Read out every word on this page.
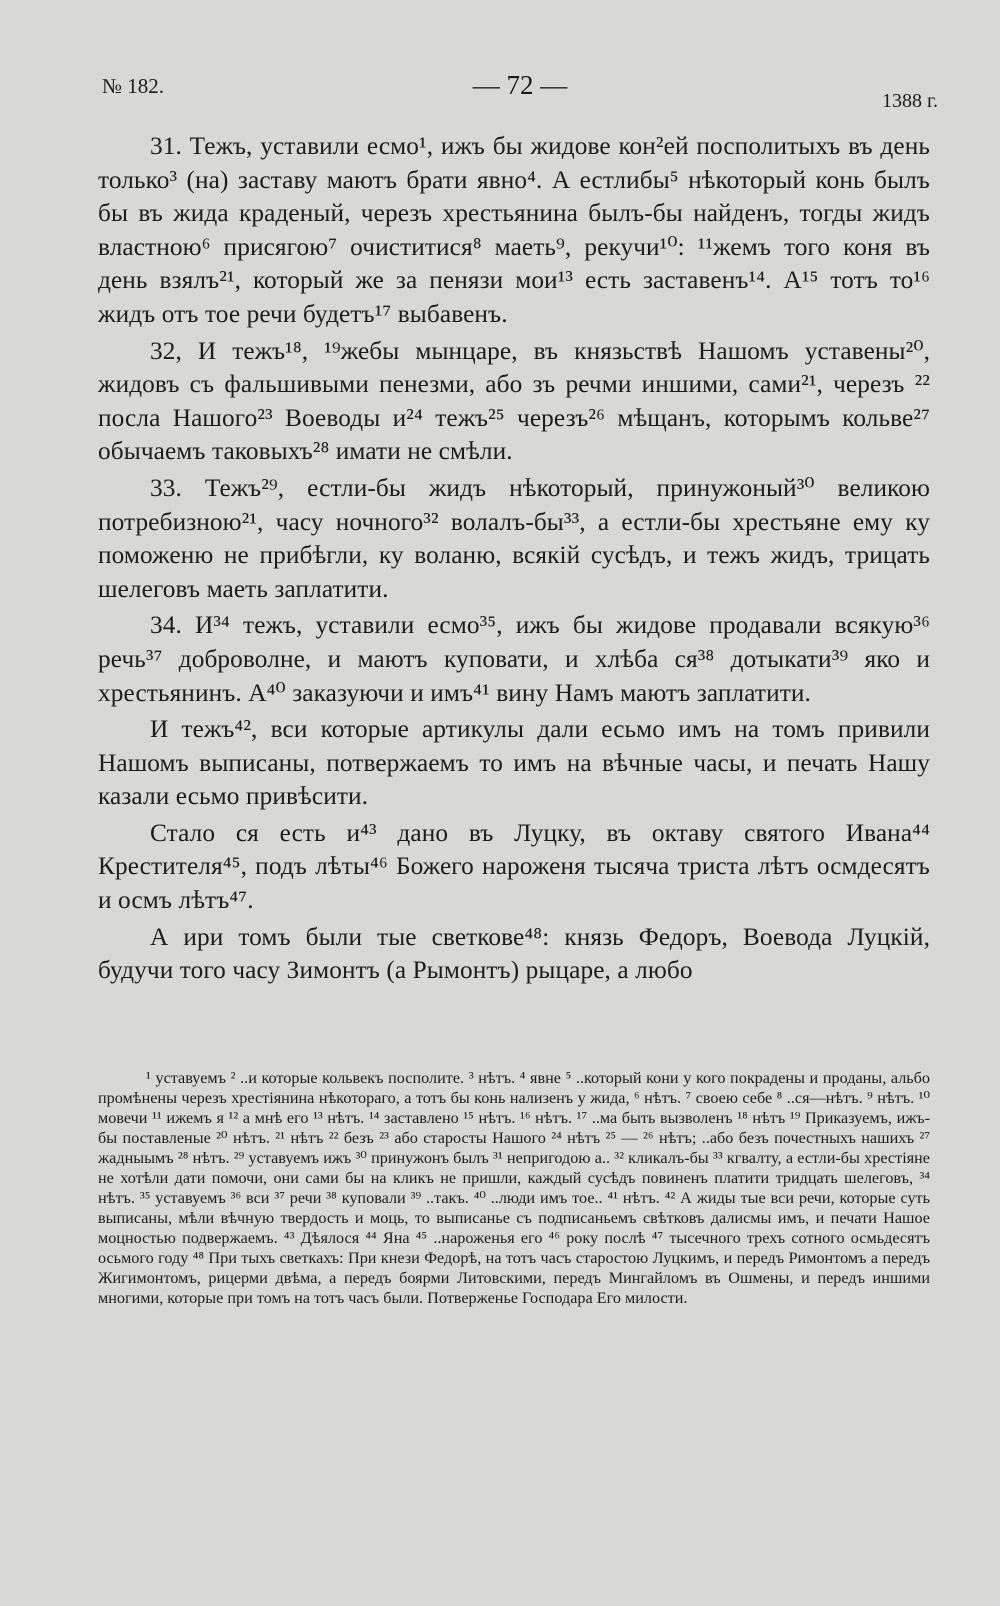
№ 182.	— 72 —
1388 г.

31. Тежъ, уставили есмо¹, ижъ бы жидове кон²ей посполитыхъ въ день только³ (на) заставу маютъ брати явно⁴. А естлибы⁵ нѣкоторый конь былъ бы въ жида краденый, черезъ хрестьянина былъ-бы найденъ, тогды жидъ властною⁶ присягою⁷ очиститися⁸ маеть⁹, рекучи¹⁰: ¹¹жемъ того коня въ день взялъ²¹, который же за пенязи мои¹³ есть заставенъ¹⁴. А¹⁵ тотъ то¹⁶ жидъ отъ тое речи будетъ¹⁷ выбавенъ.

32, И тежъ¹⁸, ¹⁹жебы мынцаре, въ князьствѣ Нашомъ уставены²⁰, жидовъ съ фальшивыми пенезми, або зъ речми иншими, сами²¹, черезъ ²² посла Нашого²³ Воеводы и²⁴ тежъ²⁵ черезъ²⁶ мѣщанъ, которымъ кольве²⁷ обычаемъ таковыхъ²⁸ имати не смѣли.

33. Тежъ²⁹, естли-бы жидъ нѣкоторый, принужоный³⁰ великою потребизною²¹, часу ночного³² волалъ-бы³³, а естли-бы хрестьяне ему ку поможеню не прибѣгли, ку воланю, всякій сусѣдъ, и тежъ жидъ, трицать шелеговъ маеть заплатити.

34. И³⁴ тежъ, уставили есмо³⁵, ижъ бы жидове продавали всякую³⁶ речь³⁷ доброволне, и маютъ куповати, и хлѣба ся³⁸ дотыкати³⁹ яко и хрестьянинъ. А⁴⁰ заказуючи и имъ⁴¹ вину Намъ маютъ заплатити.

И тежъ⁴², вси которые артикулы дали есьмо имъ на томъ привили Нашомъ выписаны, потвержаемъ то имъ на вѣчные часы, и печать Нашу казали есьмо привѣсити.

Стало ся есть и⁴³ дано въ Луцку, въ октаву святого Ивана⁴⁴ Крестителя⁴⁵, подъ лѣты⁴⁶ Божего нароженя тысяча триста лѣтъ осмдесятъ и осмъ лѣтъ⁴⁷.

А ири томъ были тые светкове⁴⁸: князь Федоръ, Воевода Луцкій, будучи того часу Зимонтъ (а Рымонтъ) рыцаре, а любо

¹ уставуемъ ² ..и которые кольвекъ посполите. ³ нѣтъ. ⁴ явне ⁵ ..который кони у кого покрадены и проданы, альбо промѣнены черезъ хрестіянина нѣкотораго, а тотъ бы конь нализенъ у жида, ⁶ нѣтъ. ⁷ своею себе ⁸ ..ся—нѣтъ. ⁹ нѣтъ. ¹⁰ мовечи ¹¹ ижемъ я ¹² а мнѣ его ¹³ нѣтъ. ¹⁴ заставлено ¹⁵ нѣтъ. ¹⁶ нѣтъ. ¹⁷ ..ма быть вызволенъ ¹⁸ нѣтъ ¹⁹ Приказуемъ, ижъ-бы поставленые ²⁰ нѣтъ. ²¹ нѣтъ ²² безъ ²³ або старосты Нашого ²⁴ нѣтъ ²⁵ — ²⁶ нѣтъ; ..або безъ почестныхъ нашихъ ²⁷ жадныымъ ²⁸ нѣтъ. ²⁹ уставуемъ ижъ ³⁰ принужонъ былъ ³¹ непригодою а.. ³² кликалъ-бы ³³ кгвалту, а естли-бы хрестіяне не хотѣли дати помочи, они сами бы на кликъ не пришли, каждый сусѣдъ повиненъ платити тридцать шелеговъ, ³⁴ нѣтъ. ³⁵ уставуемъ ³⁶ вси ³⁷ речи ³⁸ куповали ³⁹ ..такъ. ⁴⁰ ..люди имъ тое.. ⁴¹ нѣтъ. ⁴² А жиды тые вси речи, которые суть выписаны, мѣли вѣчную твердость и моць, то выписанье съ подписаньемъ свѣтковъ далисмы имъ, и печати Нашое моцностью подвержаемъ. ⁴³ Дѣялося ⁴⁴ Яна ⁴⁵ ..нароженья его ⁴⁶ року послѣ ⁴⁷ тысечного трехъ сотного осмьдесятъ осьмого году ⁴⁸ При тыхъ светкахъ: При кнези Федорѣ, на тотъ часъ старостою Луцкимъ, и передъ Римонтомъ а передъ Жигимонтомъ, рицерми двѣма, а передъ боярми Литовскими, передъ Мингайломъ въ Ошмены, и передъ иншими многими, которые при томъ на тотъ часъ были. Потверженье Господара Его милости.
